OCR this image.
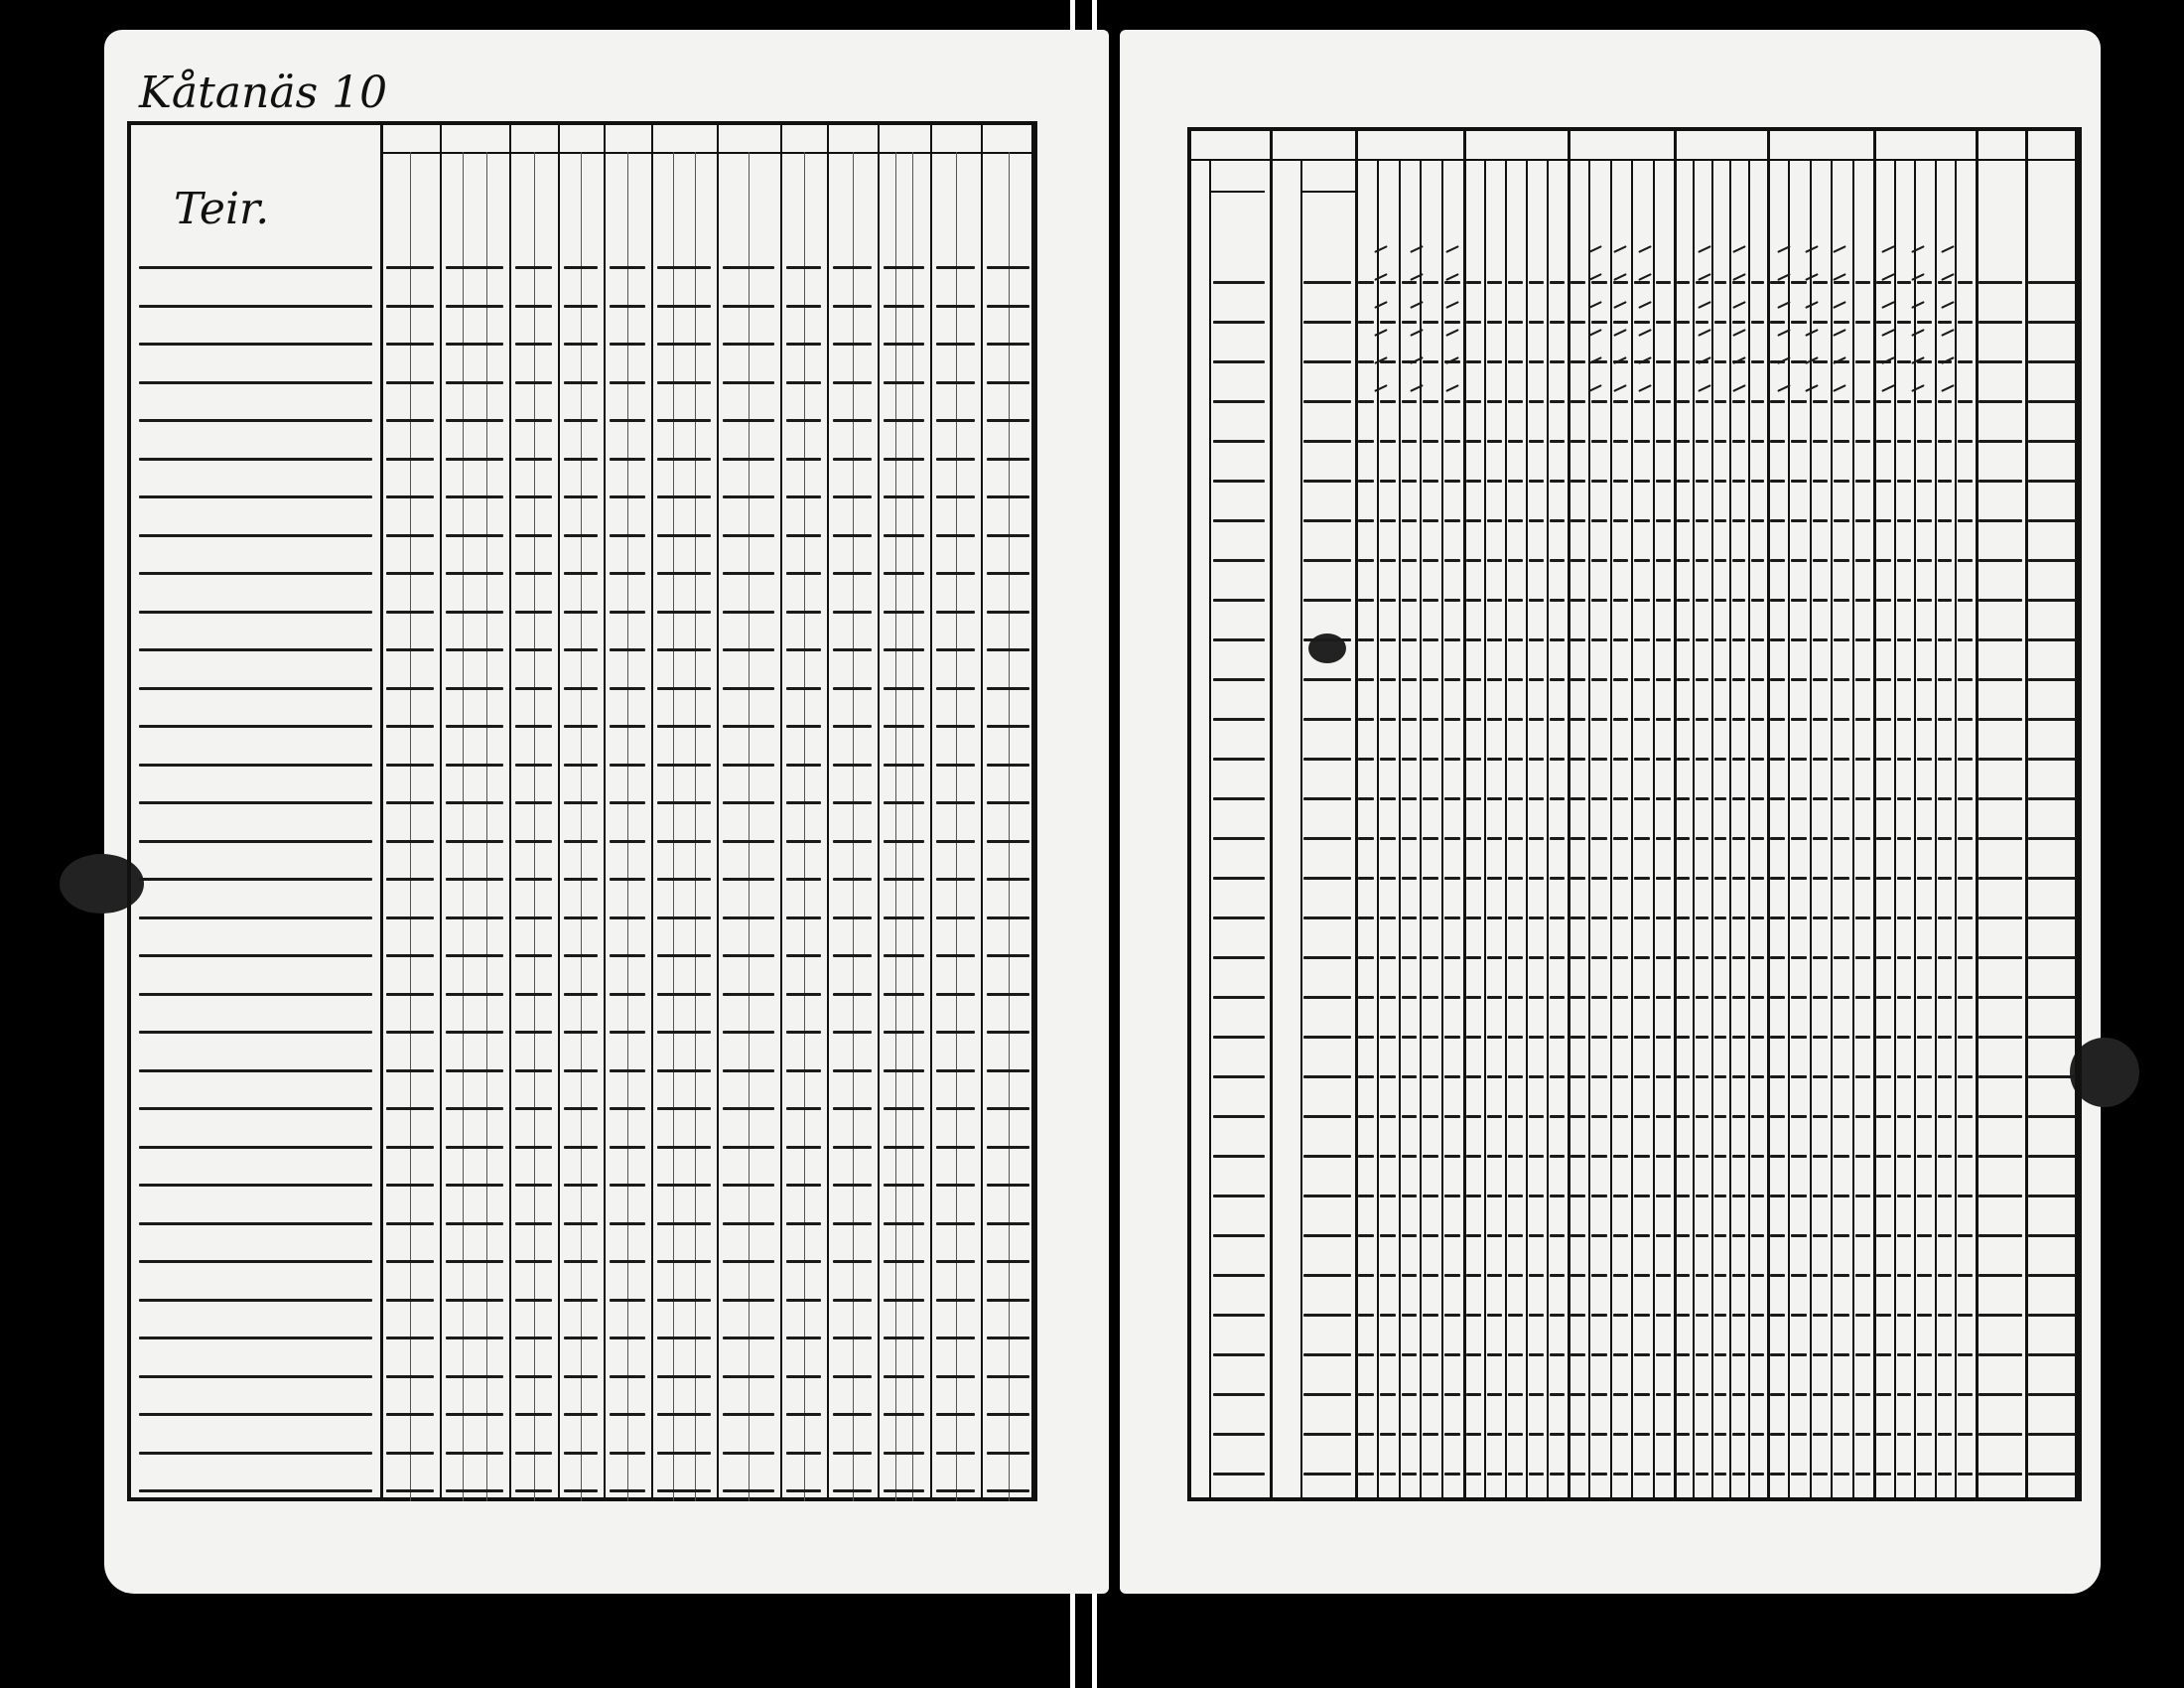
Kåtanäs 10
Teir.
